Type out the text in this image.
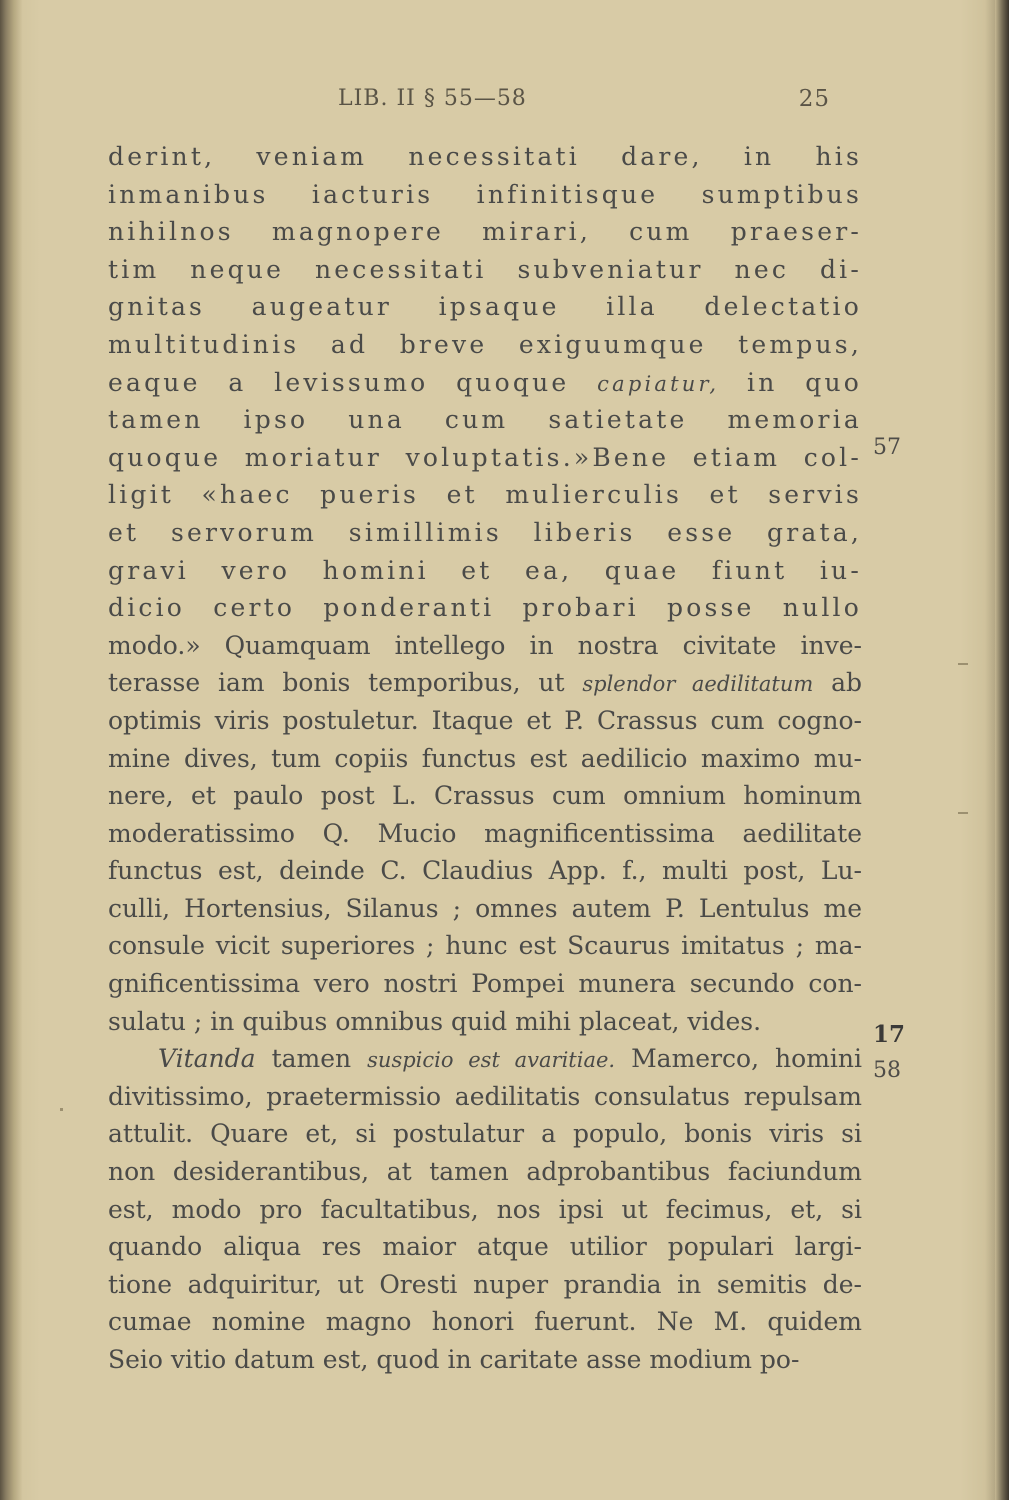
LIB. II § 55—58	25
derint, veniam necessitati dare, in his
inmanibus iacturis infinitisque sumptibus
nihilnos magnopere mirari, cum praeser-
tim neque necessitati subveniatur nec di-
gnitas augeatur ipsaque illa delectatio
multitudinis ad breve exiguumque tempus,
eaque a levissumo quoque capiatur, in quo
tamen ipso una cum satietate memoria
quoque moriatur voluptatis.»Bene etiam col-
ligit «haec pueris et mulierculis et servis
et servorum simillimis liberis esse grata,
gravi vero homini et ea, quae fiunt iu-
dicio certo ponderanti probari posse nullo
modo.» Quamquam intellego in nostra civitate inve-
terasse iam bonis temporibus, ut splendor aedilitatum ab
optimis viris postuletur. Itaque et P. Crassus cum cogno-
mine dives, tum copiis functus est aedilicio maximo mu-
nere, et paulo post L. Crassus cum omnium hominum
moderatissimo Q. Mucio magnificentissima aedilitate
functus est, deinde C. Claudius App. f., multi post, Lu-
culli, Hortensius, Silanus ; omnes autem P. Lentulus me
consule vicit superiores ; hunc est Scaurus imitatus ; ma-
gnificentissima vero nostri Pompei munera secundo con-
sulatu ; in quibus omnibus quid mihi placeat, vides.
Vitanda tamen suspicio est avaritiae. Mamerco, homini
divitissimo, praetermissio aedilitatis consulatus repulsam
attulit. Quare et, si postulatur a populo, bonis viris si
non desiderantibus, at tamen adprobantibus faciundum
est, modo pro facultatibus, nos ipsi ut fecimus, et, si
quando aliqua res maior atque utilior populari largi-
tione adquiritur, ut Oresti nuper prandia in semitis de-
cumae nomine magno honori fuerunt. Ne M. quidem
Seio vitio datum est, quod in caritate asse modium po-
57
17
58
